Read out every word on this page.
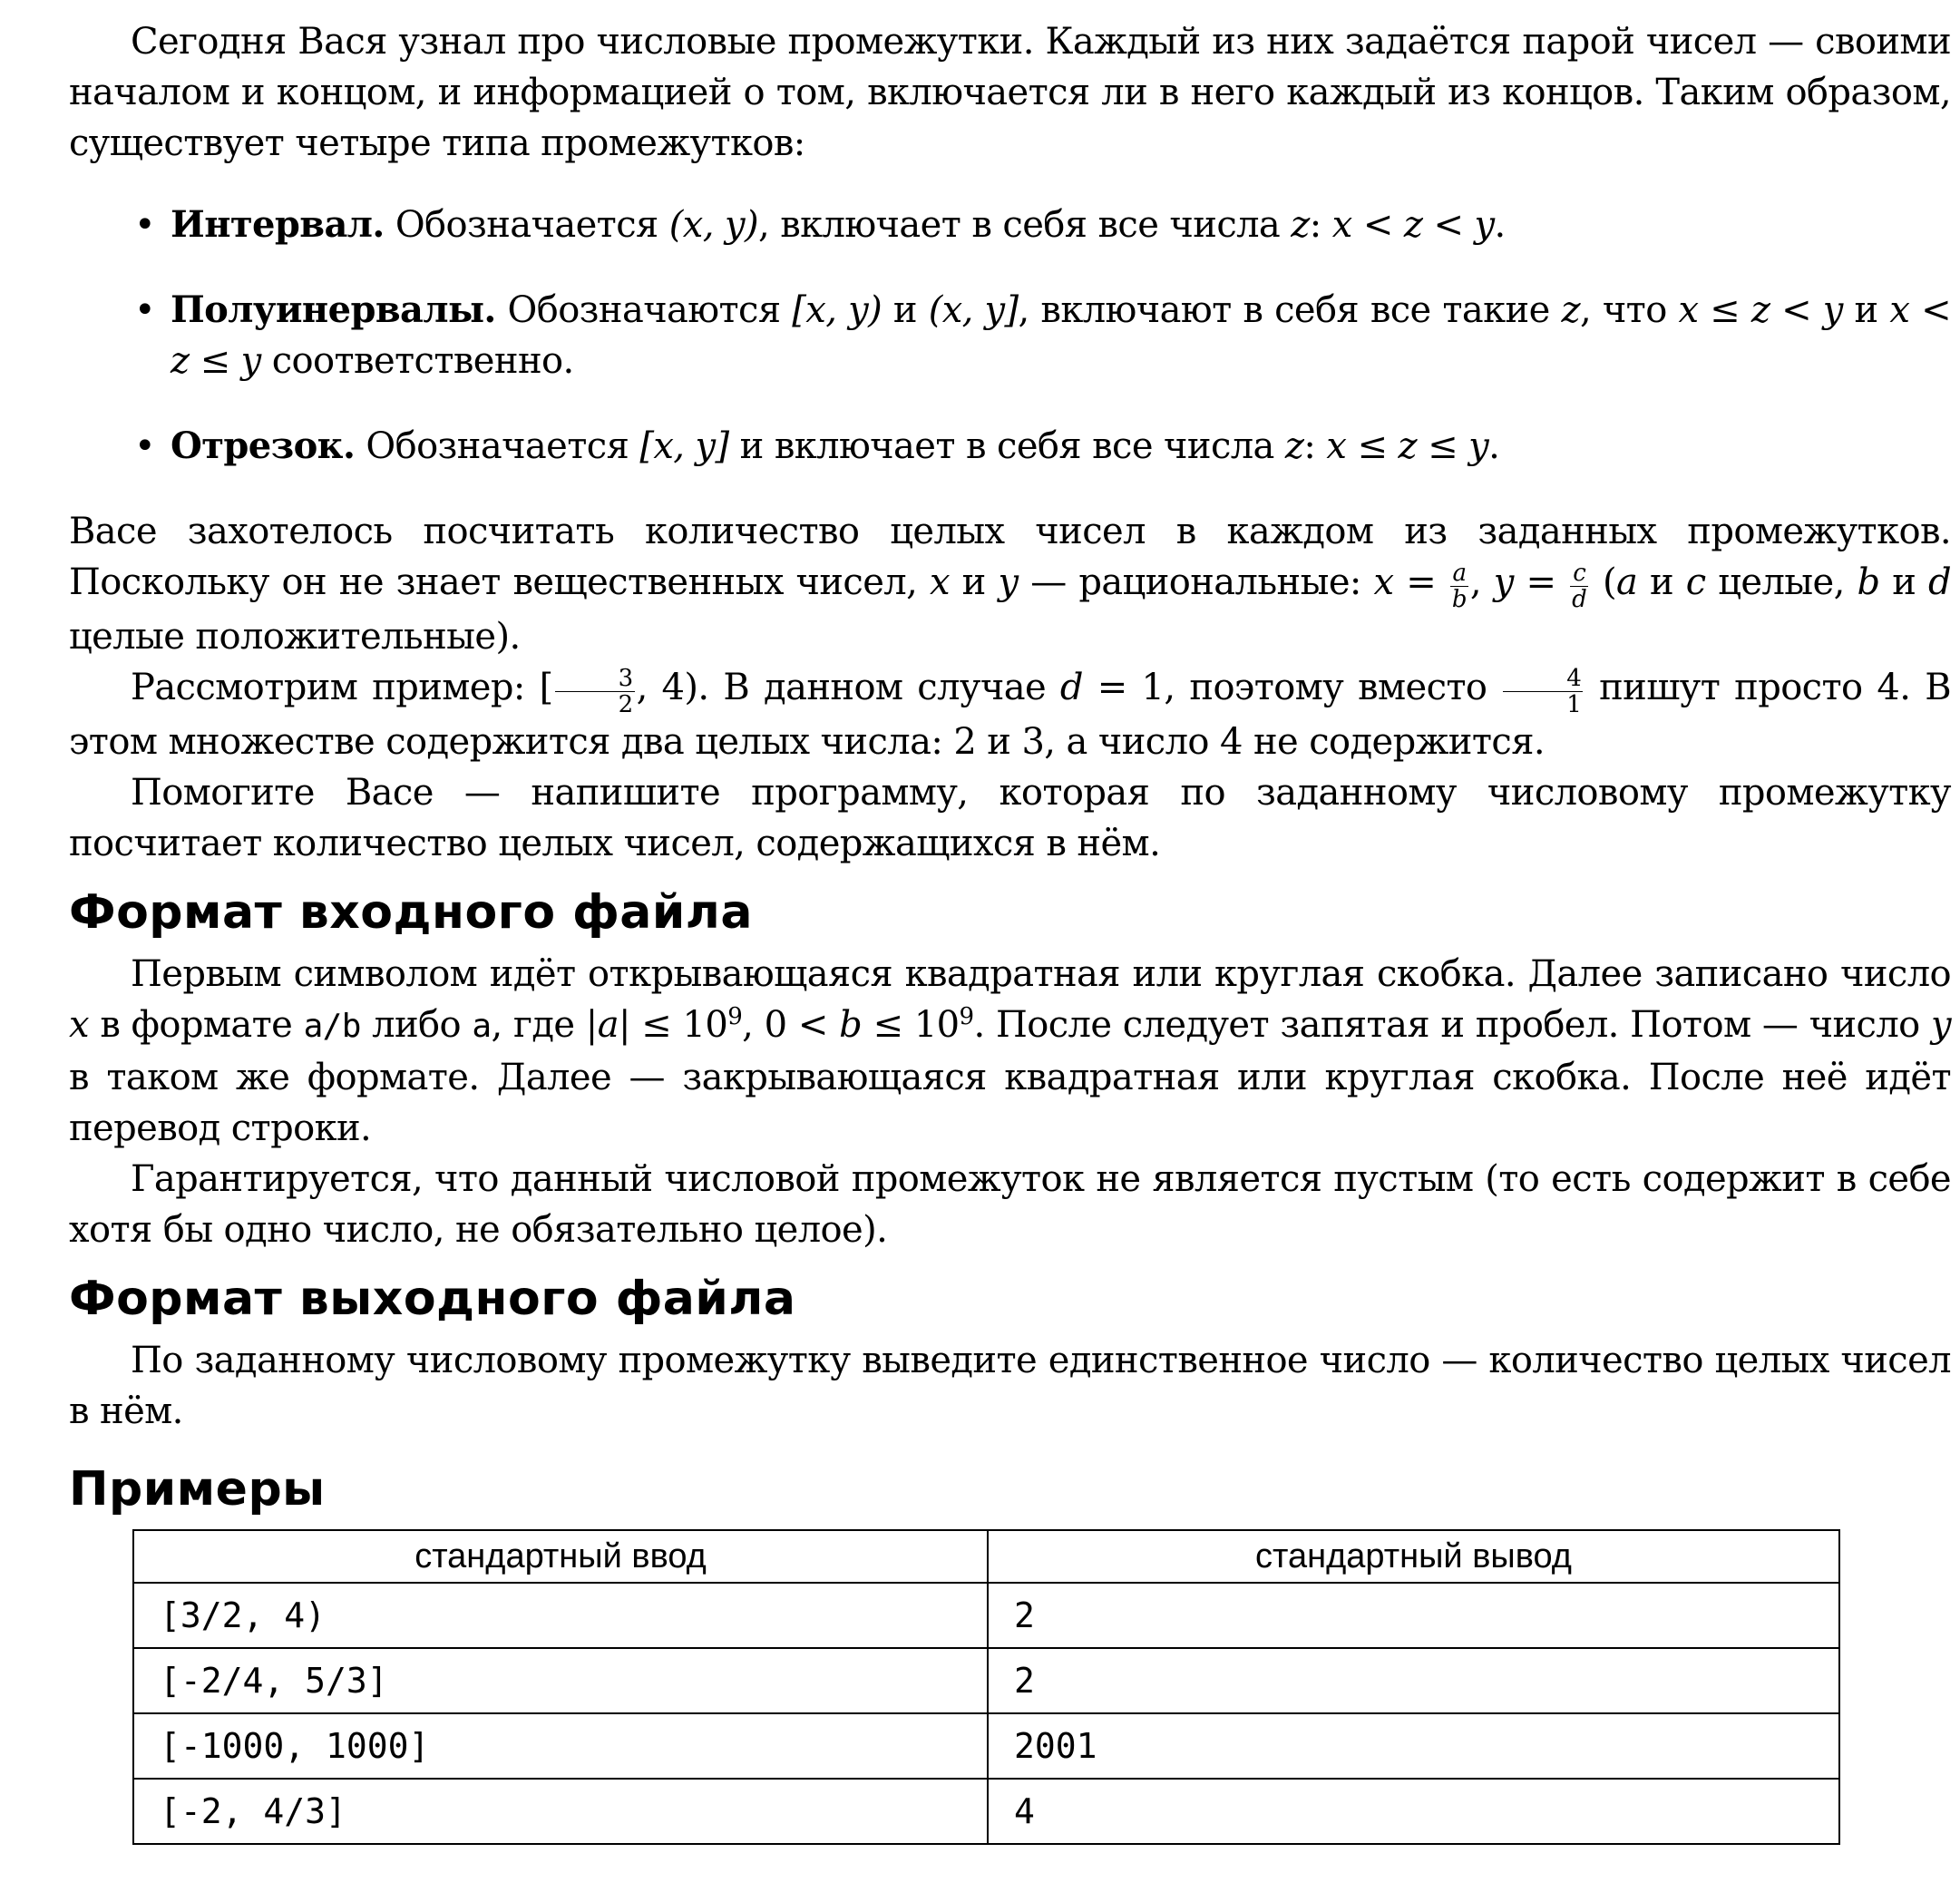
Сегодня Вася узнал про числовые промежутки. Каждый из них задаётся парой чисел — своими началом и концом, и информацией о том, включается ли в него каждый из концов. Таким образом, существует четыре типа промежутков:

• Интервал. Обозначается (x, y), включает в себя все числа z: x < z < y.
• Полуинервалы. Обозначаются [x, y) и (x, y], включают в себя все такие z, что x ≤ z < y и x < z ≤ y соответственно.
• Отрезок. Обозначается [x, y] и включает в себя все числа z: x ≤ z ≤ y.

Васе захотелось посчитать количество целых чисел в каждом из заданных промежутков. Поскольку он не знает вещественных чисел, x и y — рациональные: $x = \frac{a}{b}$ , $y = \frac{c}{d} (a$ и c целые, b и d целые положительные).

Рассмотрим пример: [ $\frac{3}{2}$ , 4). В данном случае d = 1, поэтому вместо $\frac{4}{1}$ пишут просто 4. В этом множестве содержится два целых числа: 2 и 3, а число 4 не содержится.

Помогите Васе — напишите программу, которая по заданному числовому промежутку посчитает количество целых чисел, содержащихся в нём.

Формат входного файла

Первым символом идёт открывающаяся квадратная или круглая скобка. Далее записано число x в формате a/b либо a, где $|a| \le 10^9$, $0 < b \le 10^9$. После следует запятая и пробел. Потом — число y в таком же формате. Далее — закрывающаяся квадратная или круглая скобка. После неё идёт перевод строки.

Гарантируется, что данный числовой промежуток не является пустым (то есть содержит в себе хотя бы одно число, не обязательно целое).

Формат выходного файла

По заданному числовому промежутку выведите единственное число — количество целых чисел в нём.

Примеры
стандартный ввод	стандартный вывод
[3/2, 4)	2
[-2/4, 5/3]	2
[-1000, 1000]	2001
[-2, 4/3]	4
